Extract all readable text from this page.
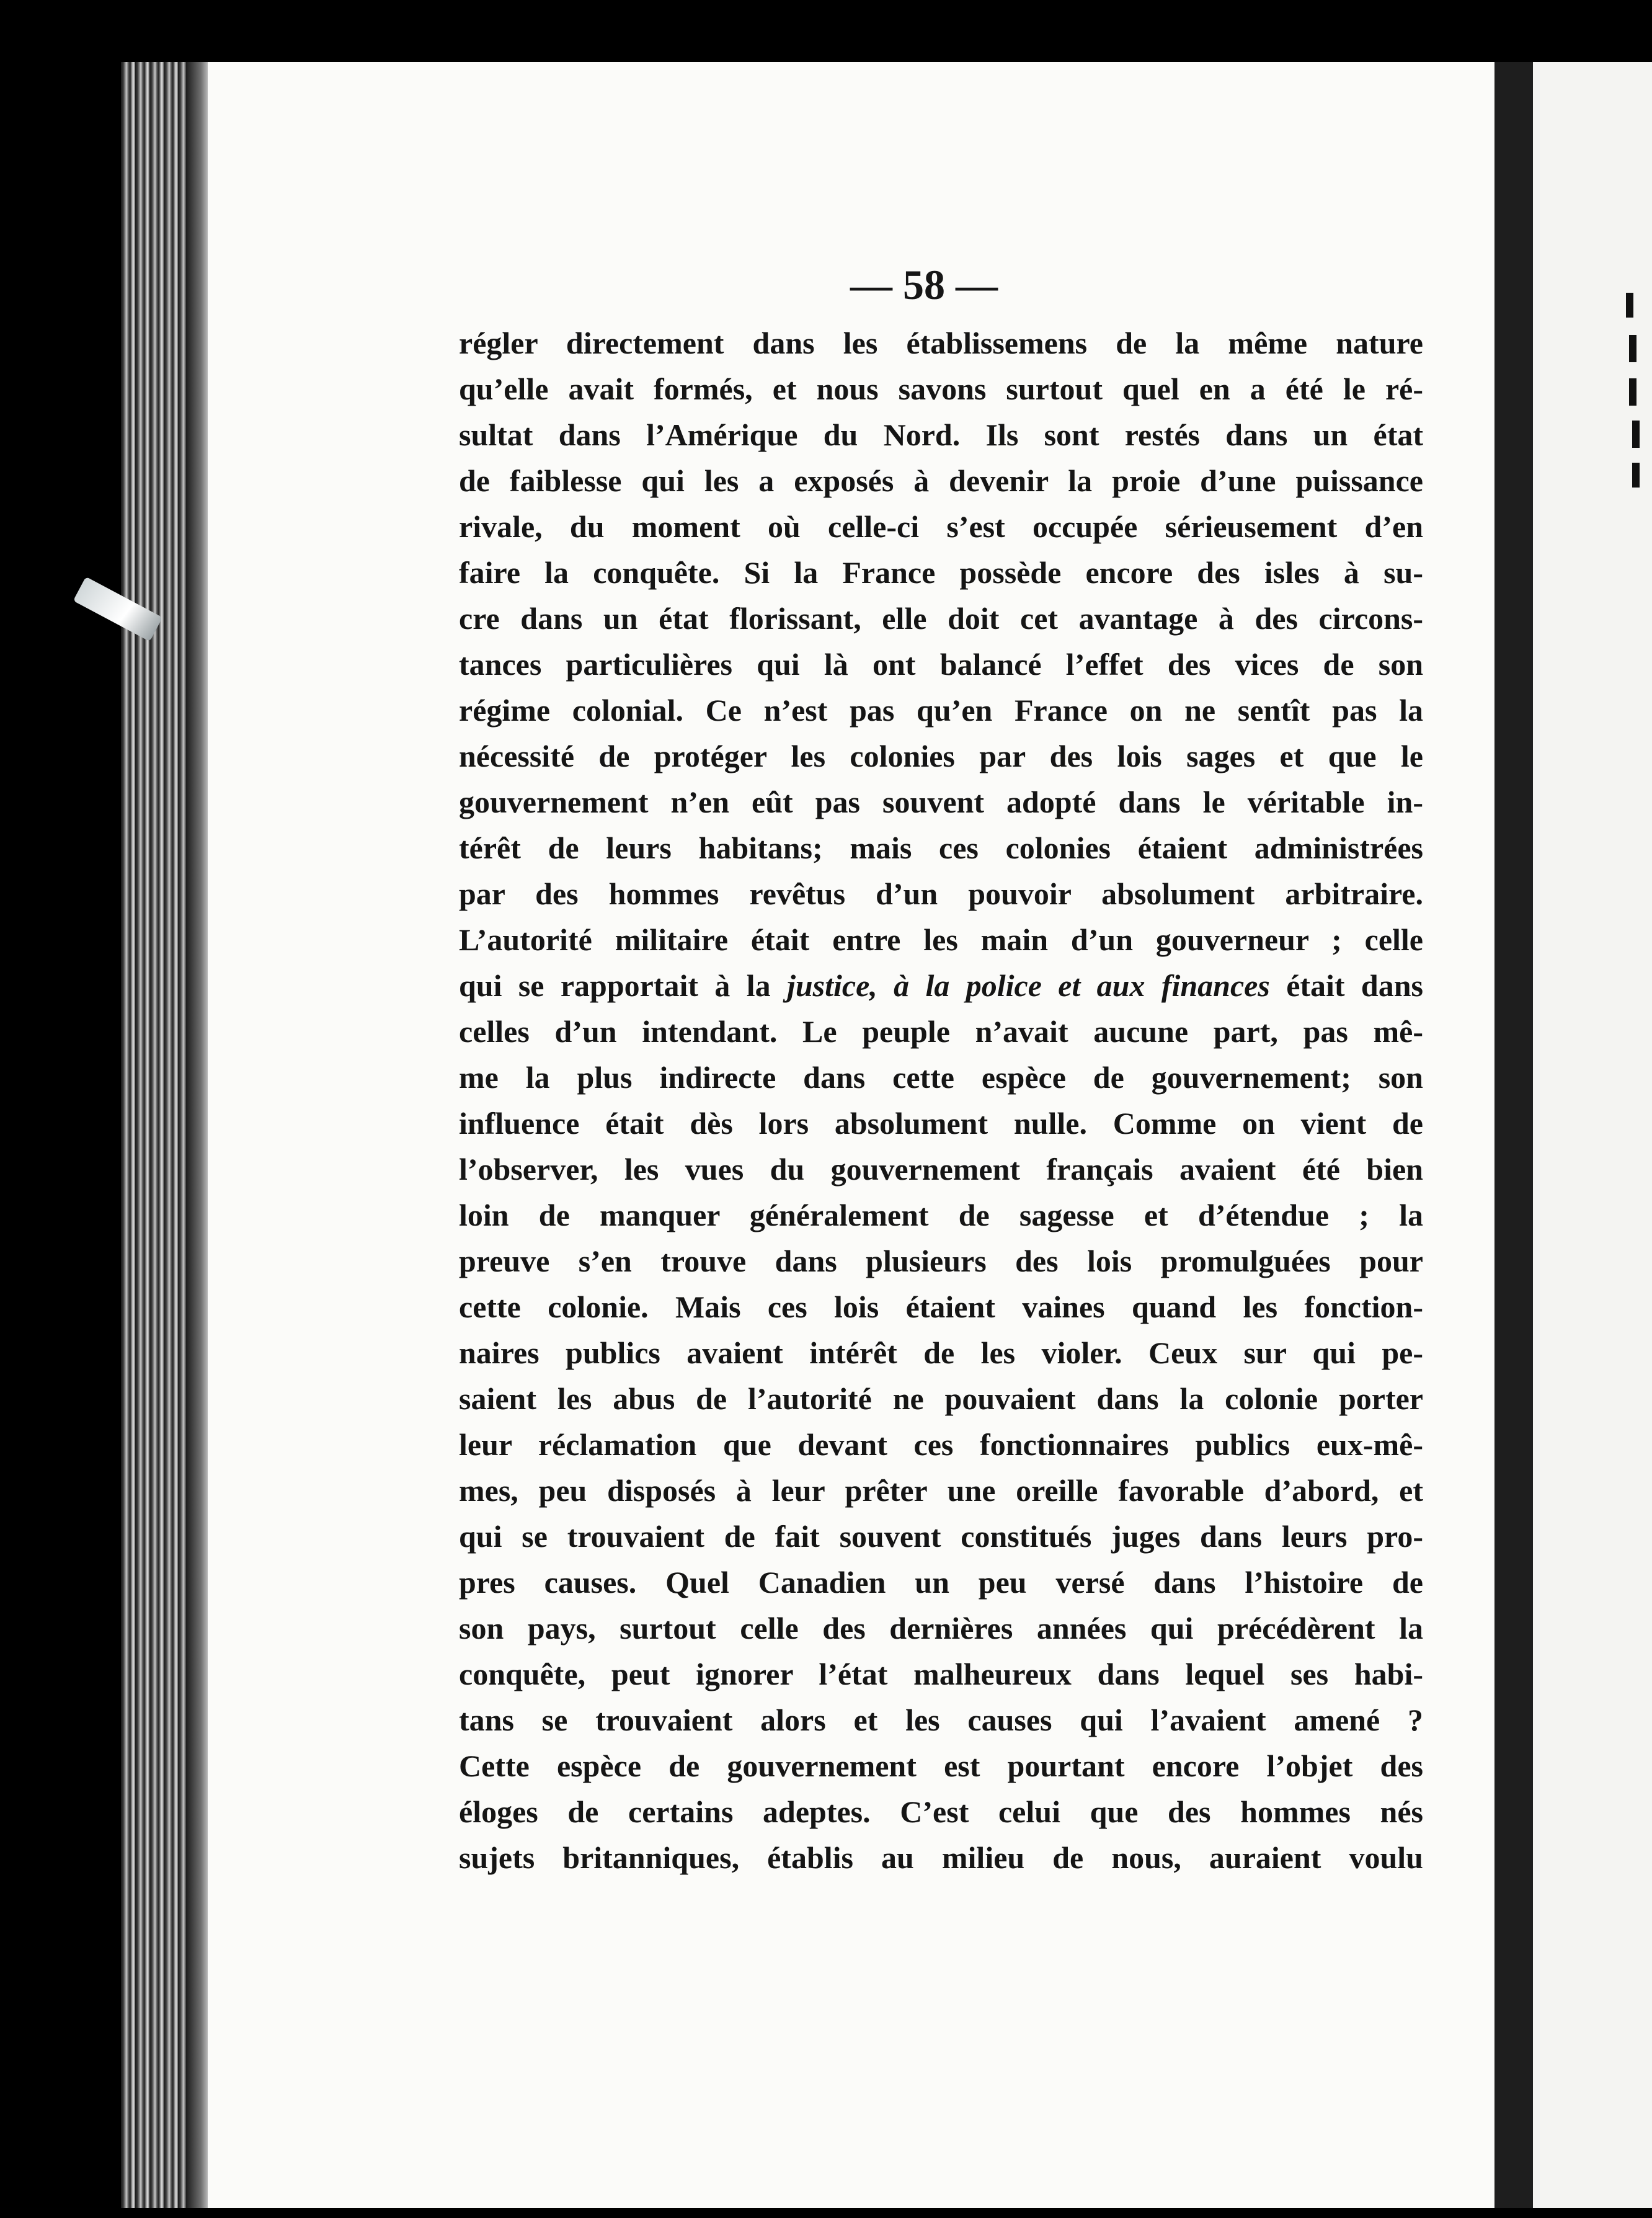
— 58 —
régler directement dans les établissemens de la même nature
qu’elle avait formés, et nous savons surtout quel en a été le ré-
sultat dans l’Amérique du Nord. Ils sont restés dans un état
de faiblesse qui les a exposés à devenir la proie d’une puissance
rivale, du moment où celle-ci s’est occupée sérieusement d’en
faire la conquête. Si la France possède encore des isles à su-
cre dans un état florissant, elle doit cet avantage à des circons-
tances particulières qui là ont balancé l’effet des vices de son
régime colonial. Ce n’est pas qu’en France on ne sentît pas la
nécessité de protéger les colonies par des lois sages et que le
gouvernement n’en eût pas souvent adopté dans le véritable in-
térêt de leurs habitans; mais ces colonies étaient administrées
par des hommes revêtus d’un pouvoir absolument arbitraire.
L’autorité militaire était entre les main d’un gouverneur ; celle
qui se rapportait à la justice, à la police et aux finances était dans
celles d’un intendant. Le peuple n’avait aucune part, pas mê-
me la plus indirecte dans cette espèce de gouvernement; son
influence était dès lors absolument nulle. Comme on vient de
l’observer, les vues du gouvernement français avaient été bien
loin de manquer généralement de sagesse et d’étendue ; la
preuve s’en trouve dans plusieurs des lois promulguées pour
cette colonie. Mais ces lois étaient vaines quand les fonction-
naires publics avaient intérêt de les violer. Ceux sur qui pe-
saient les abus de l’autorité ne pouvaient dans la colonie porter
leur réclamation que devant ces fonctionnaires publics eux-mê-
mes, peu disposés à leur prêter une oreille favorable d’abord, et
qui se trouvaient de fait souvent constitués juges dans leurs pro-
pres causes. Quel Canadien un peu versé dans l’histoire de
son pays, surtout celle des dernières années qui précédèrent la
conquête, peut ignorer l’état malheureux dans lequel ses habi-
tans se trouvaient alors et les causes qui l’avaient amené ?
Cette espèce de gouvernement est pourtant encore l’objet des
éloges de certains adeptes. C’est celui que des hommes nés
sujets britanniques, établis au milieu de nous, auraient voulu
